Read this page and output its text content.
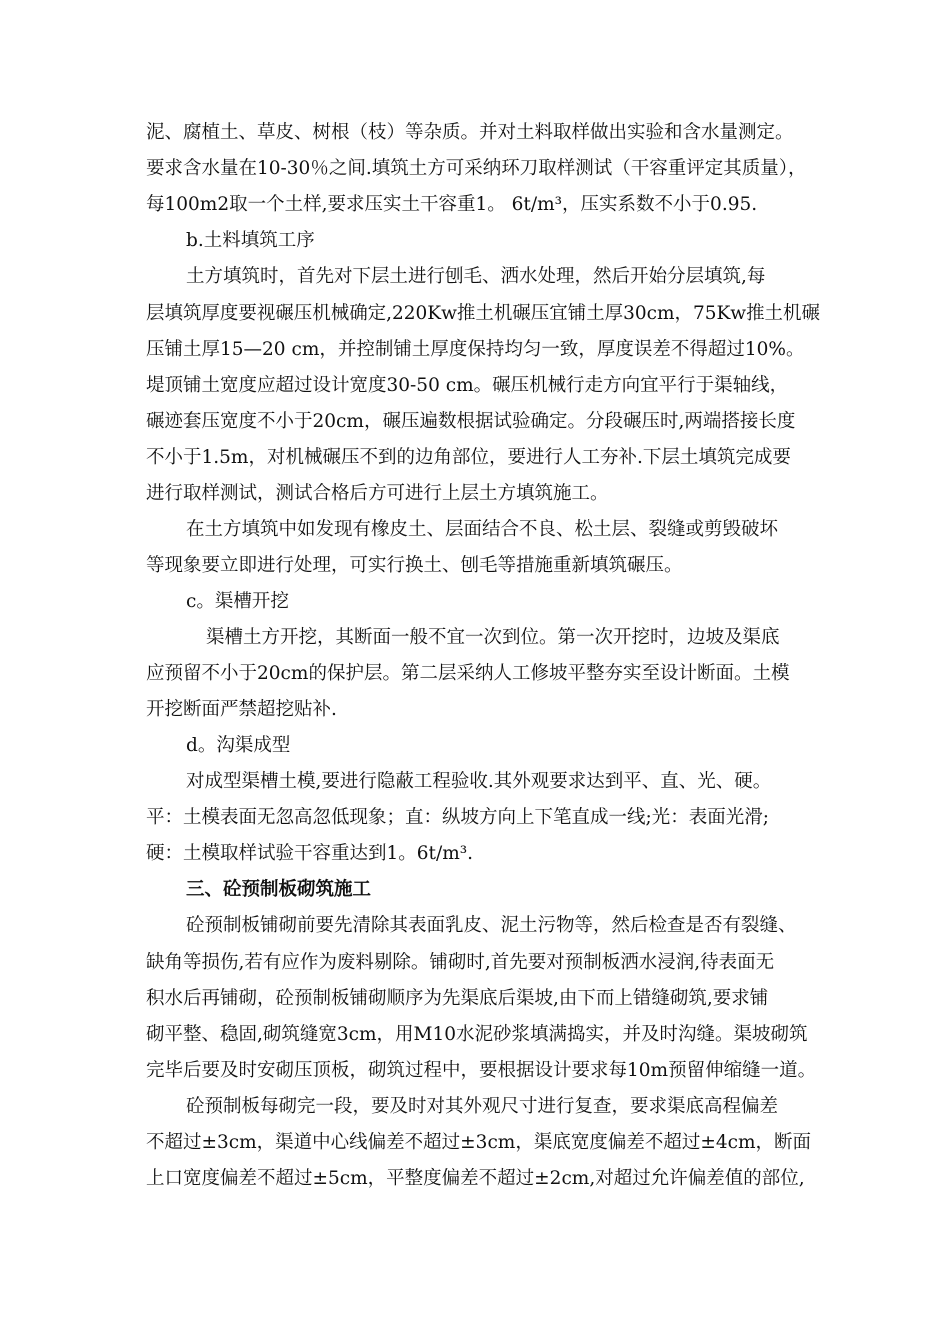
泥、腐植土、草皮、树根（枝）等杂质。并对土料取样做出实验和含水量测定。
要求含水量在10-30％之间.填筑土方可采纳环刀取样测试（干容重评定其质量），
每100m2取一个土样,要求压实土干容重1。 6t/m³，压实系数不小于0.95.
b.土料填筑工序
土方填筑时，首先对下层土进行刨毛、洒水处理，然后开始分层填筑,每
层填筑厚度要视碾压机械确定,220Kw推土机碾压宜铺土厚30cm，75Kw推土机碾
压铺土厚15—20 cm，并控制铺土厚度保持均匀一致，厚度误差不得超过10%。
堤顶铺土宽度应超过设计宽度30-50 cm。碾压机械行走方向宜平行于渠轴线，
碾迹套压宽度不小于20cm，碾压遍数根据试验确定。分段碾压时,两端搭接长度
不小于1.5m，对机械碾压不到的边角部位，要进行人工夯补.下层土填筑完成要
进行取样测试，测试合格后方可进行上层土方填筑施工。
在土方填筑中如发现有橡皮土、层面结合不良、松土层、裂缝或剪毁破坏
等现象要立即进行处理，可实行换土、刨毛等措施重新填筑碾压。
c。渠槽开挖
渠槽土方开挖，其断面一般不宜一次到位。第一次开挖时，边坡及渠底
应预留不小于20cm的保护层。第二层采纳人工修坡平整夯实至设计断面。土模
开挖断面严禁超挖贴补.
d。沟渠成型
对成型渠槽土模,要进行隐蔽工程验收.其外观要求达到平、直、光、硬。
平：土模表面无忽高忽低现象；直：纵坡方向上下笔直成一线;光：表面光滑;
硬：土模取样试验干容重达到1。6t/m³.
三、砼预制板砌筑施工
砼预制板铺砌前要先清除其表面乳皮、泥土污物等，然后检查是否有裂缝、
缺角等损伤,若有应作为废料剔除。铺砌时,首先要对预制板洒水浸润,待表面无
积水后再铺砌，砼预制板铺砌顺序为先渠底后渠坡,由下而上错缝砌筑,要求铺
砌平整、稳固,砌筑缝宽3cm，用M10水泥砂浆填满捣实，并及时沟缝。渠坡砌筑
完毕后要及时安砌压顶板，砌筑过程中，要根据设计要求每10m预留伸缩缝一道。
砼预制板每砌完一段，要及时对其外观尺寸进行复查，要求渠底高程偏差
不超过±3cm，渠道中心线偏差不超过±3cm，渠底宽度偏差不超过±4cm，断面
上口宽度偏差不超过±5cm，平整度偏差不超过±2cm,对超过允许偏差值的部位,
